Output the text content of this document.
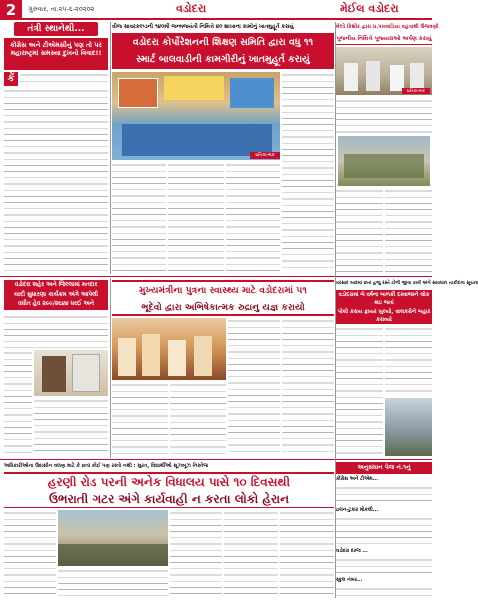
2	ગુરુવાર, તા.૨૫-૬-૨૦૨૦૨	વડોદરા	મેઈલ વડોદરા
તંત્રી સ્થાનેથી...
કોંગ્રેસ અને ટીએમસીનું પણ તો પર મહારાષ્ટ્રમાં સમસ્યા દુખનો વિવાદ!!
કેં
વીજ સાવરકલ્પ્ડની ૧૪૦મી જન્મજયંતી નિમિત્તે ૪૦ શાખાના કામોનું ખાતમુહૂર્ત કરાયું	મેલ્ડે કિશોર દ્વારા પ્ર.પખવાડિયા વહૃતાથી ઉજવણી
વડોદરા કોર્પોરેશનની શિક્ષણ સમિતિ દ્વારા વધુ ૧૧
સ્માર્ટ બાલવાડીની કામગીરીનું ખાતમુહૂર્ત કરાયું
પ્રતિકાત્મક
પૂજનીય નિમિત્તે પૂજ્યારાઓ અર્પણ કરાયું
પ્રતિકાત્મક
વડોદરા શહેર અને જિલ્લામાં મતદાર
યાદી સુધારણા કાર્યક્રમ અંગે આપેલી
વધીત હેવ ૨૯૯/૨૬૪૪ ધરઈ અને
મુખ્યમંત્રીના પુત્રના સ્વાસ્થ્ય માટે વડોદરામાં ૫૧
ભૂદેવો દ્વારા અભિષેકાત્મક રુદ્રાનુ યજ્ઞ કરાયો
વરસાદ બાદમાં છતાં હજુ રસ્તે ટોળી જીવા કાર્ય અંગે સાવધાન તાકીદના સૂચના
વડોદરામાં બે વર્ષના બાળકી દરવાજાને લોક થઇ જતાં
પોલો કરાય ફ્રાયર ખુલ્યો, વાલકરોને બહાર કરાવ્યો
અધિકારીઓના ઉદાસીન વલણ માટે કે છતાં કોઈ પણ રસ્તો નથી : સુરત, વિદ્યાર્થીઓ સૂઝબૂઝ નિસ્તેજ
હરણી રોડ પરની અનેક વિધાલય પાસે ૧૦ દિવસથી
ઉભરાતી ગટર અંગે કાર્યવાહી ન કરતા લોકો હેરાન
અનુસંધાન પેજ નં.૧નું
કોંગ્રેસ અને ટીએમ...
ઇલન-ટુકાર મોકલી...
વડોદરા દરજ ...
સ્કુલ નંબર...
